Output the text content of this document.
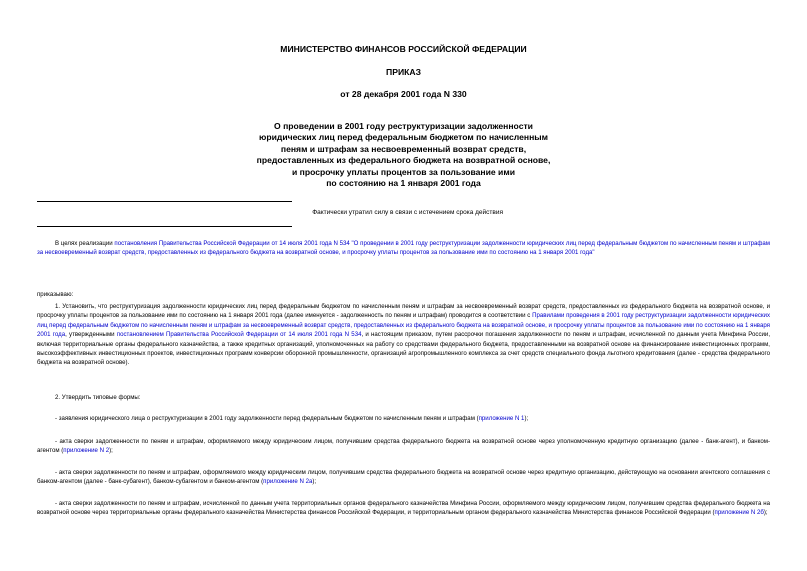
МИНИСТЕРСТВО ФИНАНСОВ РОССИЙСКОЙ ФЕДЕРАЦИИ
ПРИКАЗ
от 28 декабря 2001 года N 330
О проведении в 2001 году реструктуризации задолженности
юридических лиц перед федеральным бюджетом по начисленным
пеням и штрафам за несвоевременный возврат средств,
предоставленных из федерального бюджета на возвратной основе,
и просрочку уплаты процентов за пользование ими
по состоянию на 1 января 2001 года
Фактически утратил силу в связи с истечением срока действия
В целях реализации постановления Правительства Российской Федерации от 14 июля 2001 года N 534 "О проведении в 2001 году реструктуризации задолженности юридических лиц перед федеральным бюджетом по начисленным пеням и штрафам за несвоевременный возврат средств, предоставленных из федерального бюджета на возвратной основе, и просрочку уплаты процентов за пользование ими по состоянию на 1 января 2001 года"
приказываю:
1. Установить, что реструктуризация задолженности юридических лиц перед федеральным бюджетом по начисленным пеням и штрафам за несвоевременный возврат средств, предоставленных из федерального бюджета на возвратной основе, и просрочку уплаты процентов за пользование ими по состоянию на 1 января 2001 года (далее именуется - задолженность по пеням и штрафам) проводится в соответствии с Правилами проведения в 2001 году реструктуризации задолженности юридических лиц перед федеральным бюджетом по начисленным пеням и штрафам за несвоевременный возврат средств, предоставленных из федерального бюджета на возвратной основе, и просрочку уплаты процентов за пользование ими по состоянию на 1 января 2001 года, утвержденными постановлением Правительства Российской Федерации от 14 июля 2001 года N 534, и настоящим приказом, путем рассрочки погашения задолженности по пеням и штрафам, исчисленной по данным учета Минфина России, включая территориальные органы федерального казначейства, а также кредитных организаций, уполномоченных на работу со средствами федерального бюджета, предоставленными на возвратной основе на финансирование инвестиционных программ, высокоэффективных инвестиционных проектов, инвестиционных программ конверсии оборонной промышленности, организаций агропромышленного комплекса за счет средств специального фонда льготного кредитования (далее - средства федерального бюджета на возвратной основе).
2. Утвердить типовые формы:
- заявления юридического лица о реструктуризации в 2001 году задолженности перед федеральным бюджетом по начисленным пеням и штрафам (приложение N 1);
- акта сверки задолженности по пеням и штрафам, оформляемого между юридическим лицом, получившим средства федерального бюджета на возвратной основе через уполномоченную кредитную организацию (далее - банк-агент), и банком-агентом (приложение N 2);
- акта сверки задолженности по пеням и штрафам, оформляемого между юридическим лицом, получившим средства федерального бюджета на возвратной основе через кредитную организацию, действующую на основании агентского соглашения с банком-агентом (далее - банк-субагент), банком-субагентом и банком-агентом (приложение N 2а);
- акта сверки задолженности по пеням и штрафам, исчисленной по данным учета территориальных органов федерального казначейства Минфина России, оформляемого между юридическим лицом, получившим средства федерального бюджета на возвратной основе через территориальные органы федерального казначейства Министерства финансов Российской Федерации, и территориальным органом федерального казначейства Министерства финансов Российской Федерации (приложение N 2б);
